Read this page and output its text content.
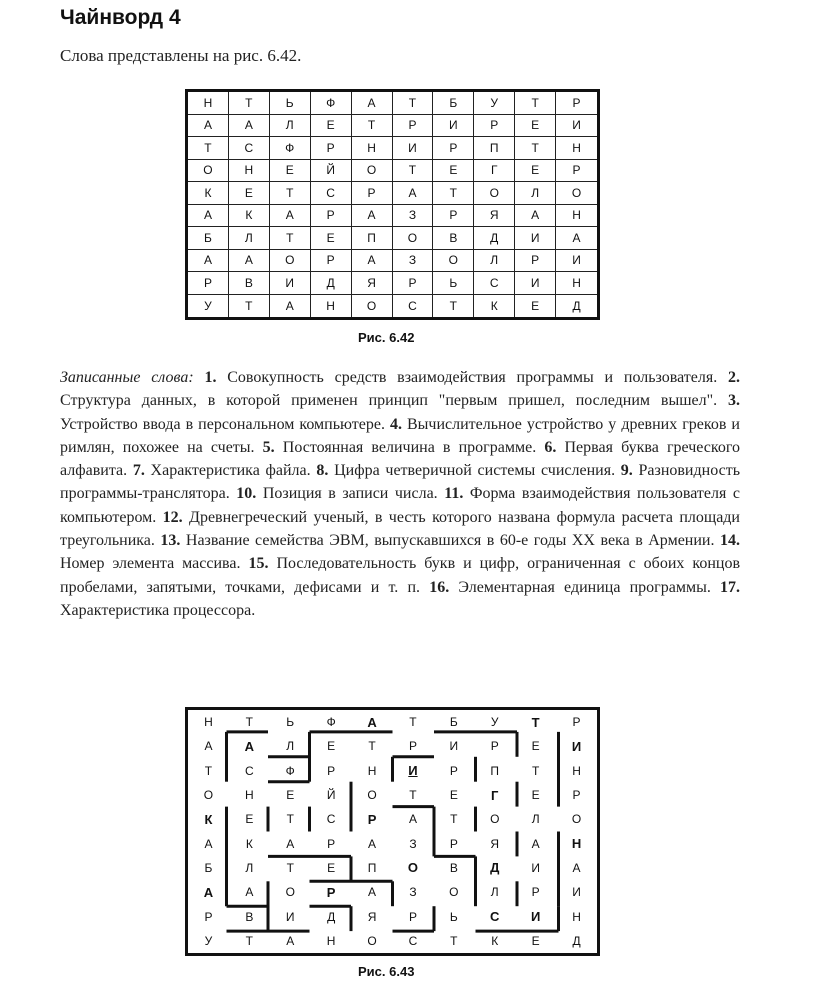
Чайнворд 4
Слова представлены на рис. 6.42.
Н	Т	Ь	Ф	А	Т	Б	У	Т	Р
А	А	Л	Е	Т	Р	И	Р	Е	И
Т	С	Ф	Р	Н	И	Р	П	Т	Н
О	Н	Е	Й	О	Т	Е	Г	Е	Р
К	Е	Т	С	Р	А	Т	О	Л	О
А	К	А	Р	А	З	Р	Я	А	Н
Б	Л	Т	Е	П	О	В	Д	И	А
А	А	О	Р	А	З	О	Л	Р	И
Р	В	И	Д	Я	Р	Ь	С	И	Н
У	Т	А	Н	О	С	Т	К	Е	Д
Рис. 6.42
Записанные слова: 1. Совокупность средств взаимодействия программы и пользователя. 2. Структура данных, в которой применен принцип "первым пришел, последним вышел". 3. Устройство ввода в персональном компьютере. 4. Вычислительное устройство у древних греков и римлян, похожее на счеты. 5. Постоянная величина в программе. 6. Первая буква греческого алфавита. 7. Характеристика файла. 8. Цифра четверичной системы счисления. 9. Разновидность программы-транслятора. 10. Позиция в записи числа. 11. Форма взаимодействия пользователя с компьютером. 12. Древнегреческий ученый, в честь которого названа формула расчета площади треугольника. 13. Название семейства ЭВМ, выпускавшихся в 60-е годы XX века в Армении. 14. Номер элемента массива. 15. Последовательность букв и цифр, ограниченная с обоих концов пробелами, запятыми, точками, дефисами и т. п. 16. Элементарная единица программы. 17. Характеристика процессора.
Н	Т	Ь	Ф	А	Т	Б	У	Т	Р
А	А	Л	Е	Т	Р	И	Р	Е	И
Т	С	Ф	Р	Н	И	Р	П	Т	Н
О	Н	Е	Й	О	Т	Е	Г	Е	Р
К	Е	Т	С	Р	А	Т	О	Л	О
А	К	А	Р	А	З	Р	Я	А	Н
Б	Л	Т	Е	П	О	В	Д	И	А
А	А	О	Р	А	З	О	Л	Р	И
Р	В	И	Д	Я	Р	Ь	С	И	Н
У	Т	А	Н	О	С	Т	К	Е	Д
Рис. 6.43
